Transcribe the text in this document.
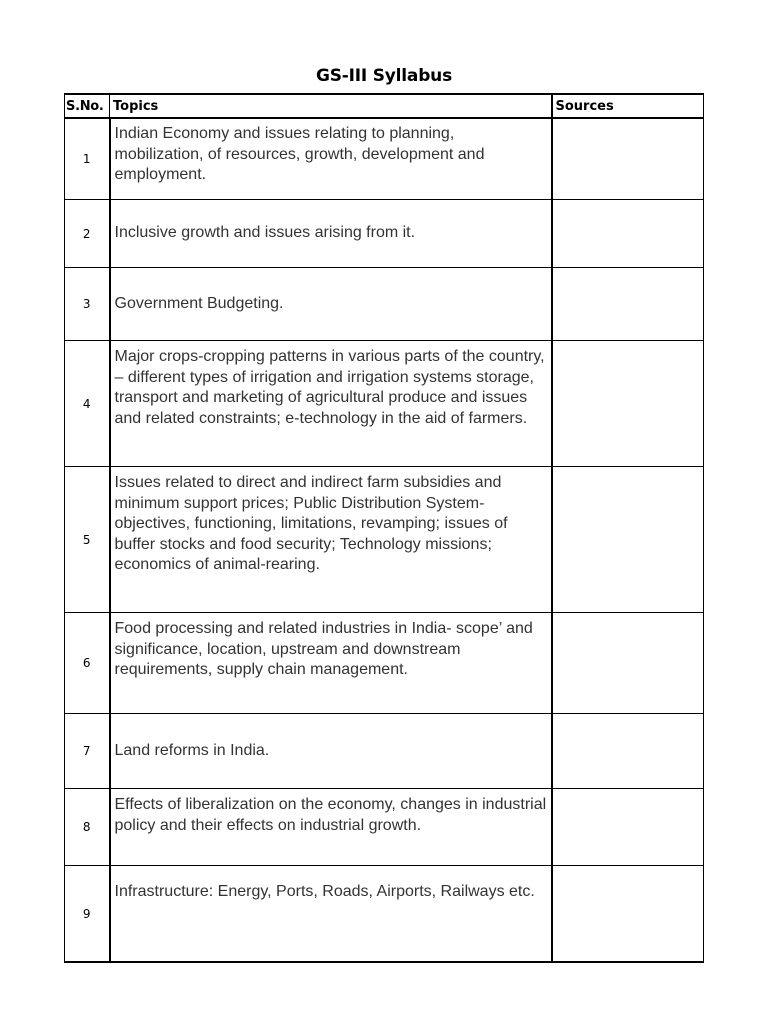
GS-III Syllabus
S.No.	Topics	Sources
1	Indian Economy and issues relating to planning, mobilization, of resources, growth, development and employment.	
2	Inclusive growth and issues arising from it.	
3	Government Budgeting.	
4	Major crops-cropping patterns in various parts of the country, – different types of irrigation and irrigation systems storage, transport and marketing of agricultural produce and issues and related constraints; e-technology in the aid of farmers.	
5	Issues related to direct and indirect farm subsidies and minimum support prices; Public Distribution System- objectives, functioning, limitations, revamping; issues of buffer stocks and food security; Technology missions; economics of animal-rearing.	
6	Food processing and related industries in India- scope’ and significance, location, upstream and downstream requirements, supply chain management.	
7	Land reforms in India.	
8	Effects of liberalization on the economy, changes in industrial policy and their effects on industrial growth.	
9	Infrastructure: Energy, Ports, Roads, Airports, Railways etc.	
